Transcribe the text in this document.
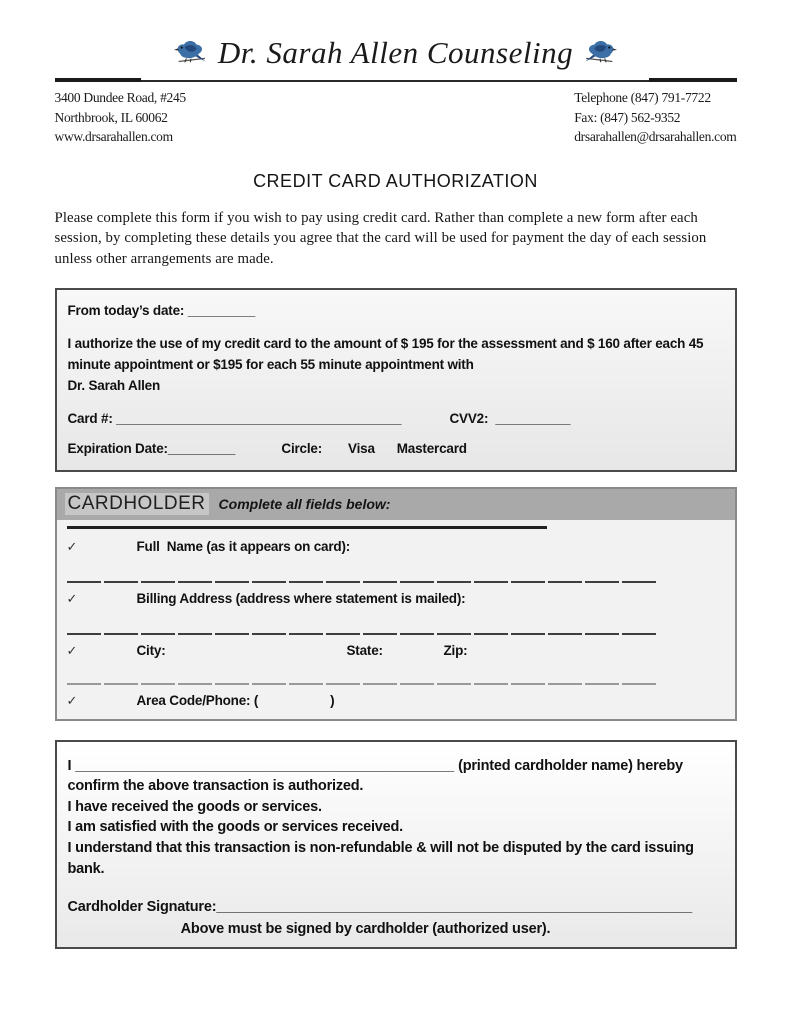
Dr. Sarah Allen Counseling
3400 Dundee Road, #245
Northbrook, IL 60062
www.drsarahallen.com
Telephone (847) 791-7722
Fax: (847) 562-9352
drsarahallen@drsarahallen.com
CREDIT CARD AUTHORIZATION

Please complete this form if you wish to pay using credit card. Rather than complete a new form after each session, by completing these details you agree that the card will be used for payment the day of each session unless other arrangements are made.

From today’s date: _________
I authorize the use of my credit card to the amount of $ 195 for the assessment and $ 160 after each 45 minute appointment or $195 for each 55 minute appointment with
Dr. Sarah Allen
Card #:
______________________________________	CVV2: __________
Expiration Date: _________	Circle: Visa Mastercard
CARDHOLDER Complete all fields below:
✓	Full  Name (as it appears on card):
✓	Billing Address (address where statement is mailed):
✓	City:	State:	Zip:
✓	Area Code/Phone: (	)
I _______________________________________________ (printed cardholder name) hereby confirm the above transaction is authorized.
I have received the goods or services.
I am satisfied with the goods or services received.
I understand that this transaction is non-refundable & will not be disputed by the card issuing bank.
Cardholder Signature:___________________________________________________________
Above must be signed by cardholder (authorized user).
